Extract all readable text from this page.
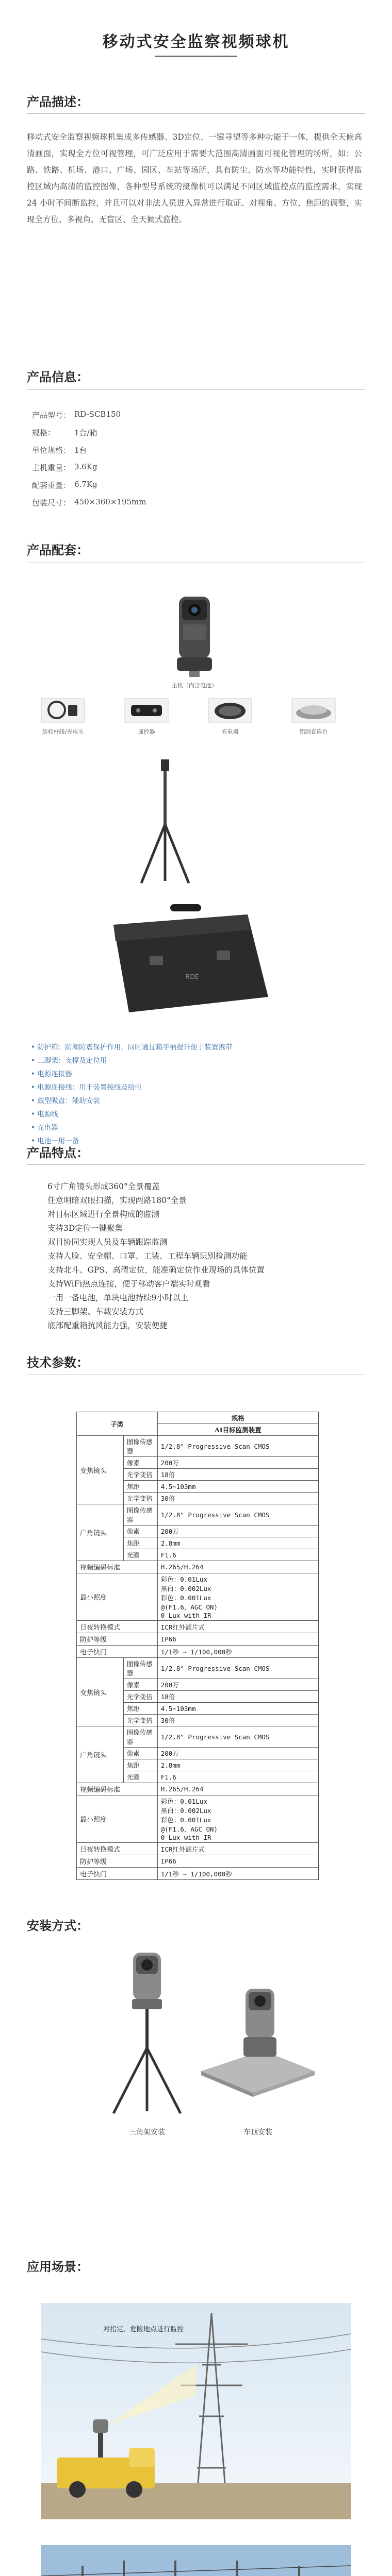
移动式安全监察视频球机
产品描述：
移动式安全监察视频球机集成多传感器、3D定位、一键寻望等多种功能于一体，提供全天候高清画面，实现全方位可视管理，可广泛应用于需要大范围高清画面可视化管理的场所，如：公路、铁路、机场、港口、广场、园区、车站等场所，具有防尘、防水等功能特性，实时获得监控区域内高清的监控图像，各种型号系统的摄像机可以满足不同区域监控点的监控需求，实现 24 小时不间断监控，并且可以对非法人员进入异常进行取证、对视角、方位、焦距的调整，实现全方位、多视角、无盲区、全天候式监控。
产品信息：
产品型号： RD-SCB150
规格：	1台/箱
单位规格： 1台
主机重量： 3.6Kg
配套重量： 6.7Kg
包装尺寸： 450×360×195mm
产品配套：
主机（内含电池）
旋转杆线/充电头	遥控器	充电器	铝制直连台
RDE
• 防护箱：防潮防震保护作用，同时通过箱手柄提升便于装置携带
• 三脚架：支撑及定位用
• 电源连接器
• 电源连接线：用于装置接线及给电
• 鼓型吸盘：辅助安装
• 电源线
• 充电器
• 电池一用一备
产品特点：
6寸广角镜头形成360°全景覆盖
任意明暗双眼扫描，实现两路180°全景
对目标区域进行全景构成的监测
支持3D定位一键聚集
双目协同实现人员及车辆跟踪监测
支持人脸、安全帽、口罩、工装、工程车辆识别检测功能
支持北斗、GPS、高清定位，能准确定位作业现场的具体位置
支持WiFi热点连接，便于移动客户端实时观看
一用一备电池，单块电池持续9小时以上
支持三脚架、车载安装方式
底部配重箱抗风能力强，安装便捷
技术参数：
子类		规格
		AI目标监测装置
变焦镜头	图像传感器	1/2.8" Progressive Scan CMOS
	像素	200万
	光学变倍	18倍
	焦距	4.5~103mm
	光学变倍	30倍
广角镜头	图像传感器	1/2.8" Progressive Scan CMOS
	像素	200万
	焦距	2.8mm
	光圈	F1.6
视频编码标准		H.265/H.264
最小照度		彩色：0.01Lux
黑白：0.002Lux
彩色：0.001Lux
@(F1.6，AGC ON)
0 Lux with IR
日夜转换模式		ICR红外滤片式
防护等级		IP66
电子快门		1/1秒 ~ 1/100,000秒
变焦镜头	图像传感器	1/2.8" Progressive Scan CMOS
	像素	200万
	光学变倍	18倍
	焦距	4.5~103mm
	光学变倍	30倍
广角镜头	图像传感器	1/2.8" Progressive Scan CMOS
	像素	200万
	焦距	2.8mm
	光圈	F1.6
视频编码标准		H.265/H.264
最小照度		彩色：0.01Lux
黑白：0.002Lux
彩色：0.001Lux
@(F1.6，AGC ON)
0 Lux with IR
日夜转换模式		ICR红外滤片式
防护等级		IP66
电子快门		1/1秒 ~ 1/100,000秒
安装方式：
三角架安装	车顶安装
应用场景：
对指定、危险地点进行监控
